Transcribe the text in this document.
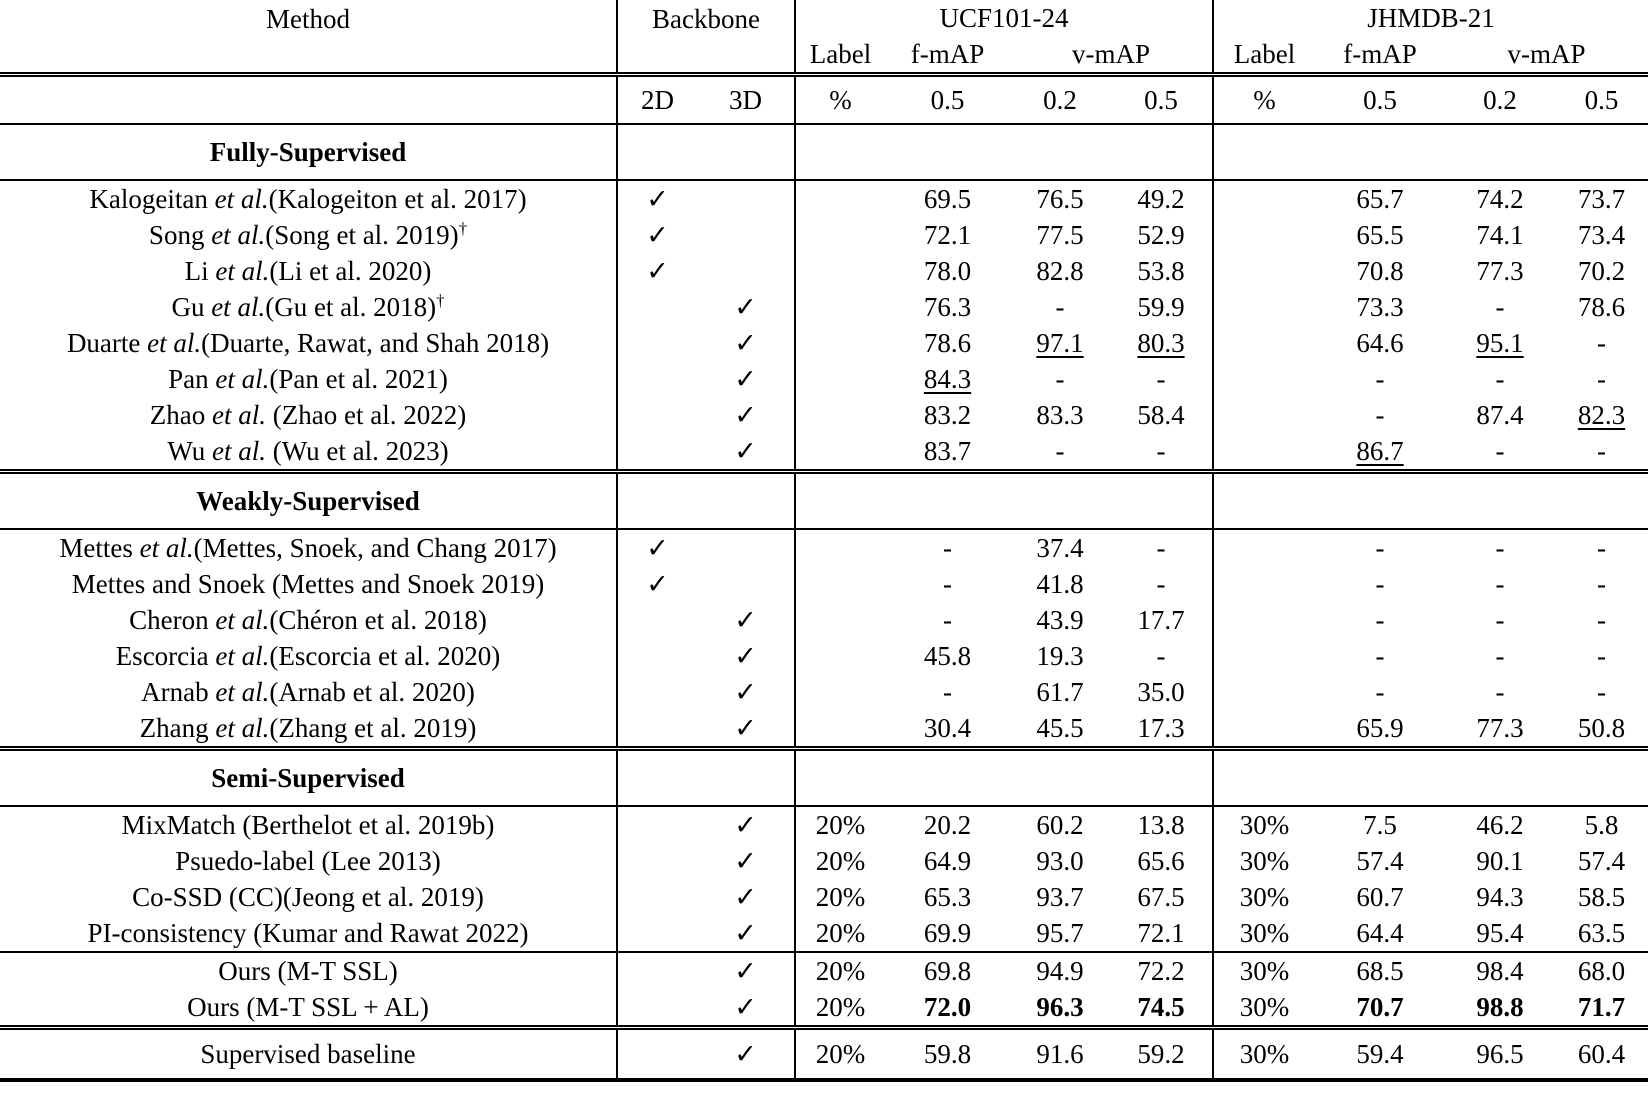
Method	Backbone		UCF101-24				JHMDB-21			
			Label	f-mAP	v-mAP		Label	f-mAP	v-mAP	
	2D	3D	%	0.5	0.2	0.5	%	0.5	0.2	0.5
Fully-Supervised										
Kalogeitan et al.(Kalogeiton et al. 2017)	✓			69.5	76.5	49.2		65.7	74.2	73.7
Song et al.(Song et al. 2019)†	✓			72.1	77.5	52.9		65.5	74.1	73.4
Li et al.(Li et al. 2020)	✓			78.0	82.8	53.8		70.8	77.3	70.2
Gu et al.(Gu et al. 2018)†		✓		76.3	-	59.9		73.3	-	78.6
Duarte et al.(Duarte, Rawat, and Shah 2018)		✓		78.6	97.1	80.3		64.6	95.1	-
Pan et al.(Pan et al. 2021)		✓		84.3	-	-		-	-	-
Zhao et al. (Zhao et al. 2022)		✓		83.2	83.3	58.4		-	87.4	82.3
Wu et al. (Wu et al. 2023)		✓		83.7	-	-		86.7	-	-
Weakly-Supervised										
Mettes et al.(Mettes, Snoek, and Chang 2017)	✓			-	37.4	-		-	-	-
Mettes and Snoek (Mettes and Snoek 2019)	✓			-	41.8	-		-	-	-
Cheron et al.(Chéron et al. 2018)		✓		-	43.9	17.7		-	-	-
Escorcia et al.(Escorcia et al. 2020)		✓		45.8	19.3	-		-	-	-
Arnab et al.(Arnab et al. 2020)		✓		-	61.7	35.0		-	-	-
Zhang et al.(Zhang et al. 2019)		✓		30.4	45.5	17.3		65.9	77.3	50.8
Semi-Supervised										
MixMatch (Berthelot et al. 2019b)		✓	20%	20.2	60.2	13.8	30%	7.5	46.2	5.8
Psuedo-label (Lee 2013)		✓	20%	64.9	93.0	65.6	30%	57.4	90.1	57.4
Co-SSD (CC)(Jeong et al. 2019)		✓	20%	65.3	93.7	67.5	30%	60.7	94.3	58.5
PI-consistency (Kumar and Rawat 2022)		✓	20%	69.9	95.7	72.1	30%	64.4	95.4	63.5
Ours (M-T SSL)		✓	20%	69.8	94.9	72.2	30%	68.5	98.4	68.0
Ours (M-T SSL + AL)		✓	20%	72.0	96.3	74.5	30%	70.7	98.8	71.7
Supervised baseline		✓	20%	59.8	91.6	59.2	30%	59.4	96.5	60.4
